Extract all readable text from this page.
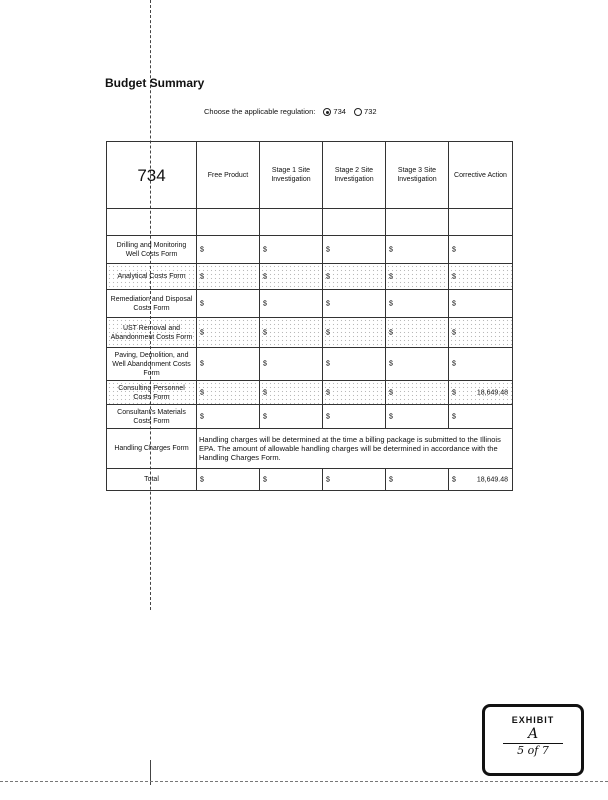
Budget Summary
Choose the applicable regulation: 734 732
734	Free Product	Stage 1 Site Investigation	Stage 2 Site Investigation	Stage 3 Site Investigation	Corrective Action

Drilling and Monitoring Well Costs Form	$	$	$	$	$

Analytical Costs Form	$	$	$	$	$

Remediation and Disposal Costs Form	$	$	$	$	$

UST Removal and Abandonment Costs Form	$	$	$	$	$

Paving, Demolition, and Well Abandonment Costs Form	$	$	$	$	$

Consulting Personnel Costs Form	$	$	$	$	$ 18,649.48

Consultant's Materials Costs Form	$	$	$	$	$

Handling Charges Form	Handling charges will be determined at the time a billing package is submitted to the Illinois EPA. The amount of allowable handling charges will be determined in accordance with the Handling Charges Form.				
Total	$	$	$	$	$ 18,649.48
EXHIBIT
A
5 of 7
